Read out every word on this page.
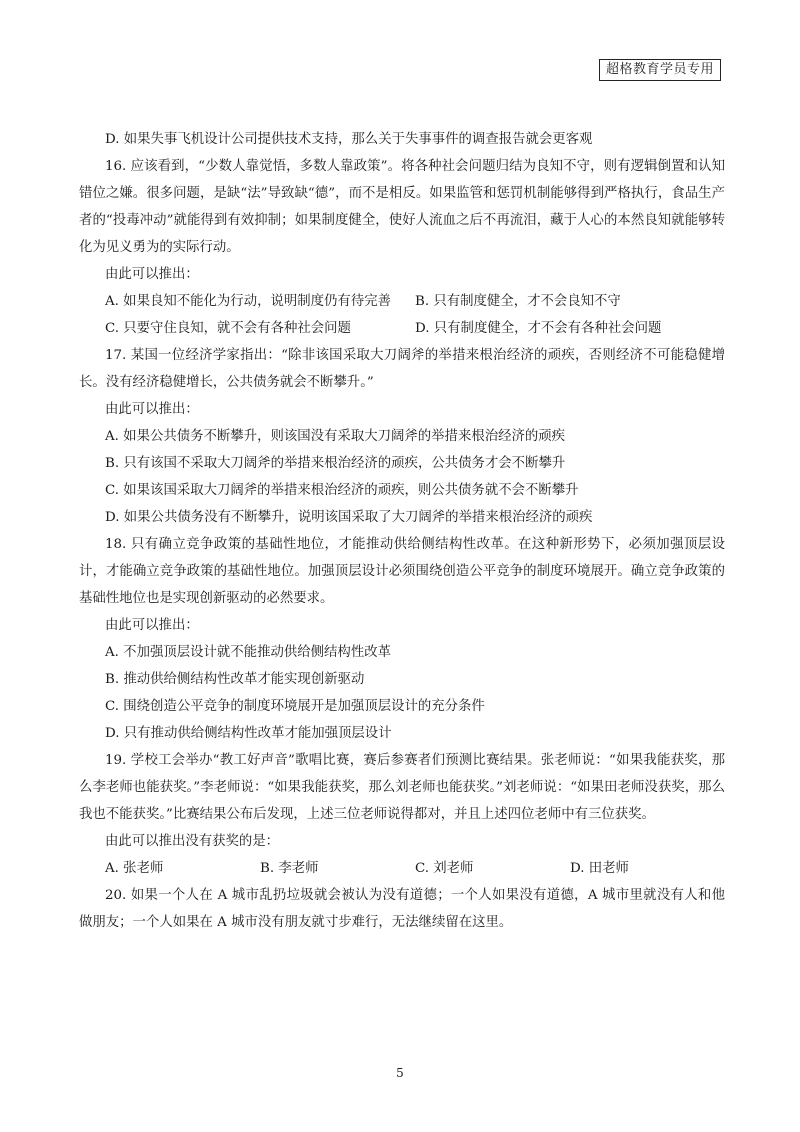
超格教育学员专用

D. 如果失事飞机设计公司提供技术支持，那么关于失事事件的调查报告就会更客观

16. 应该看到，“少数人靠觉悟，多数人靠政策”。将各种社会问题归结为良知不守，则有逻辑倒置和认知错位之嫌。很多问题，是缺“法”导致缺“德”，而不是相反。如果监管和惩罚机制能够得到严格执行，食品生产者的“投毒冲动”就能得到有效抑制；如果制度健全，使好人流血之后不再流泪，藏于人心的本然良知就能够转化为见义勇为的实际行动。

由此可以推出：

A. 如果良知不能化为行动，说明制度仍有待完善	B. 只有制度健全，才不会良知不守
C. 只要守住良知，就不会有各种社会问题	D. 只有制度健全，才不会有各种社会问题

17. 某国一位经济学家指出：“除非该国采取大刀阔斧的举措来根治经济的顽疾，否则经济不可能稳健增长。没有经济稳健增长，公共债务就会不断攀升。”

由此可以推出：

A. 如果公共债务不断攀升，则该国没有采取大刀阔斧的举措来根治经济的顽疾

B. 只有该国不采取大刀阔斧的举措来根治经济的顽疾，公共债务才会不断攀升

C. 如果该国采取大刀阔斧的举措来根治经济的顽疾，则公共债务就不会不断攀升

D. 如果公共债务没有不断攀升，说明该国采取了大刀阔斧的举措来根治经济的顽疾

18. 只有确立竞争政策的基础性地位，才能推动供给侧结构性改革。在这种新形势下，必须加强顶层设计，才能确立竞争政策的基础性地位。加强顶层设计必须围绕创造公平竞争的制度环境展开。确立竞争政策的基础性地位也是实现创新驱动的必然要求。

由此可以推出：

A. 不加强顶层设计就不能推动供给侧结构性改革

B. 推动供给侧结构性改革才能实现创新驱动

C. 围绕创造公平竞争的制度环境展开是加强顶层设计的充分条件

D. 只有推动供给侧结构性改革才能加强顶层设计

19. 学校工会举办“教工好声音”歌唱比赛，赛后参赛者们预测比赛结果。张老师说：“如果我能获奖，那么李老师也能获奖。”李老师说：“如果我能获奖，那么刘老师也能获奖。”刘老师说：“如果田老师没获奖，那么我也不能获奖。”比赛结果公布后发现，上述三位老师说得都对，并且上述四位老师中有三位获奖。

由此可以推出没有获奖的是：

A. 张老师	B. 李老师	C. 刘老师	D. 田老师

20. 如果一个人在 A 城市乱扔垃圾就会被认为没有道德；一个人如果没有道德，A 城市里就没有人和他做朋友；一个人如果在 A 城市没有朋友就寸步难行，无法继续留在这里。

5
